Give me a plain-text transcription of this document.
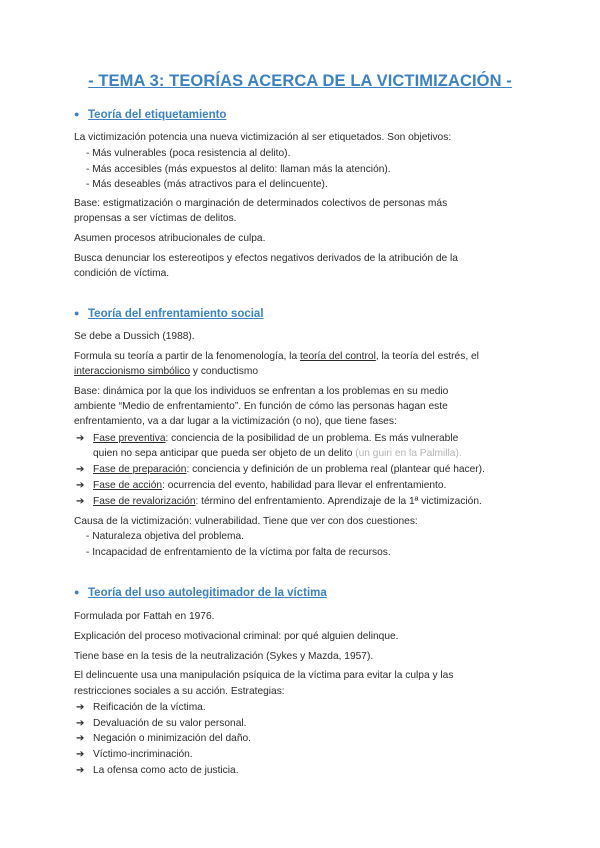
- TEMA 3: TEORÍAS ACERCA DE LA VICTIMIZACIÓN -
● Teoría del etiquetamiento
La victimización potencia una nueva victimización al ser etiquetados. Son objetivos:
- Más vulnerables (poca resistencia al delito).
- Más accesibles (más expuestos al delito: llaman más la atención).
- Más deseables (más atractivos para el delincuente).
Base: estigmatización o marginación de determinados colectivos de personas más
propensas a ser víctimas de delitos.
Asumen procesos atribucionales de culpa.
Busca denunciar los estereotipos y efectos negativos derivados de la atribución de la
condición de víctima.
● Teoría del enfrentamiento social
Se debe a Dussich (1988).
Formula su teoría a partir de la fenomenología, la teoría del control, la teoría del estrés, el
interaccionismo simbólico y conductismo
Base: dinámica por la que los individuos se enfrentan a los problemas en su medio
ambiente “Medio de enfrentamiento”. En función de cómo las personas hagan este
enfrentamiento, va a dar lugar a la victimización (o no), que tiene fases:
➔ Fase preventiva: conciencia de la posibilidad de un problema. Es más vulnerable
quien no sepa anticipar que pueda ser objeto de un delito (un guiri en la Palmilla).
➔ Fase de preparación: conciencia y definición de un problema real (plantear qué hacer).
➔ Fase de acción: ocurrencia del evento, habilidad para llevar el enfrentamiento.
➔ Fase de revalorización: término del enfrentamiento. Aprendizaje de la 1ª victimización.
Causa de la victimización: vulnerabilidad. Tiene que ver con dos cuestiones:
- Naturaleza objetiva del problema.
- Incapacidad de enfrentamiento de la víctima por falta de recursos.
● Teoría del uso autolegitimador de la víctima
Formulada por Fattah en 1976.
Explicación del proceso motivacional criminal: por qué alguien delinque.
Tiene base en la tesis de la neutralización (Sykes y Mazda, 1957).
El delincuente usa una manipulación psíquica de la víctima para evitar la culpa y las
restricciones sociales a su acción. Estrategias:
➔ Reificación de la víctima.
➔ Devaluación de su valor personal.
➔ Negación o minimización del daño.
➔ Víctimo-incriminación.
➔ La ofensa como acto de justicia.
